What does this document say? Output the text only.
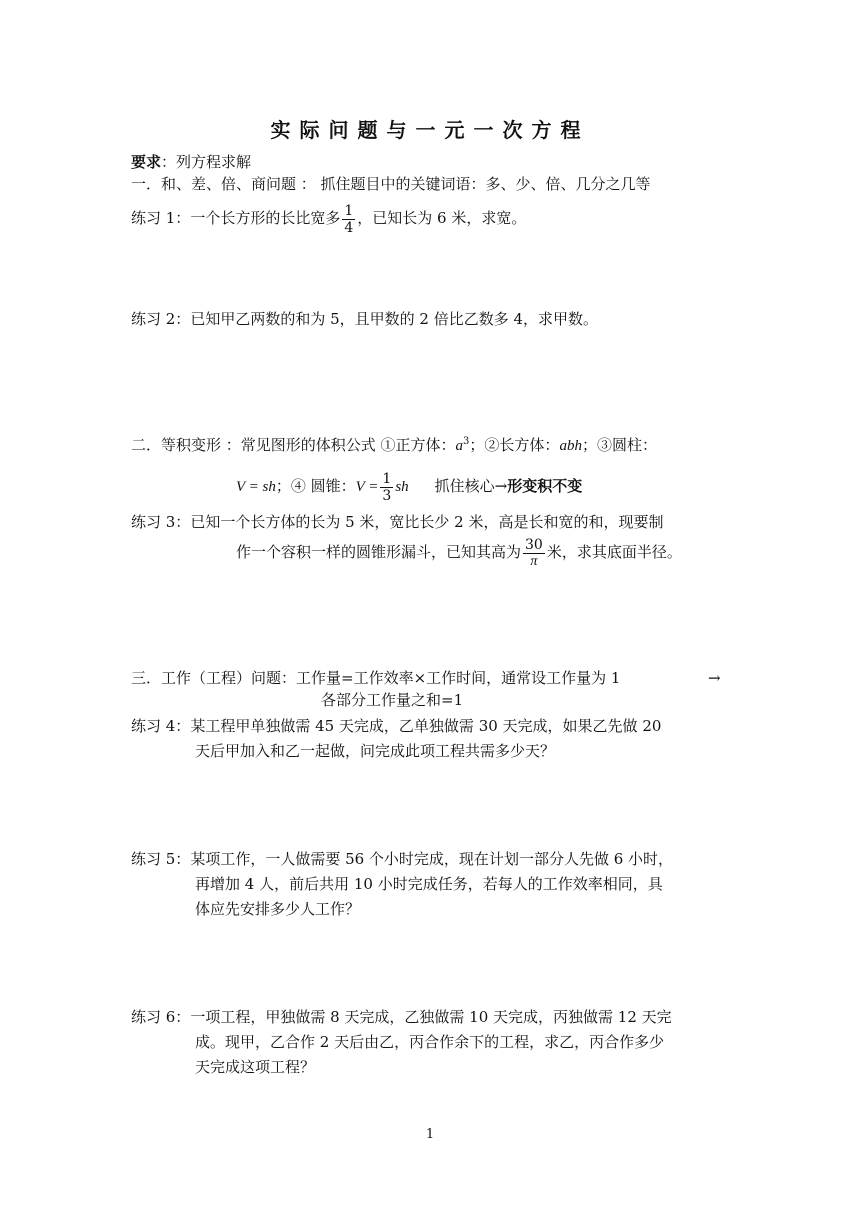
实际问题与一元一次方程
要求：列方程求解
一．和、差、倍、商问题 ： 抓住题目中的关键词语：多、少、倍、几分之几等
练习 1：一个长方形的长比宽多 $\frac{1}{4}$ ，已知长为 6 米，求宽。
练习 2：已知甲乙两数的和为 5，且甲数的 2 倍比乙数多 4，求甲数。
二．等积变形 ：常见图形的体积公式 ①正方体：$a^3$；②长方体：abh；③圆柱：
V = sh；④ 圆锥：$V = \frac{1}{3}$ sh 抓住核心→形变积不变
练习 3：已知一个长方体的长为 5 米，宽比长少 2 米，高是长和宽的和，现要制
作一个容积一样的圆锥形漏斗，已知其高为 $\frac{30}{\pi}$ 米，求其底面半径。
三．工作（工程）问题：工作量=工作效率×工作时间，通常设工作量为 1	→
各部分工作量之和=1
练习 4：某工程甲单独做需 45 天完成，乙单独做需 30 天完成，如果乙先做 20
天后甲加入和乙一起做，问完成此项工程共需多少天？
练习 5：某项工作，一人做需要 56 个小时完成，现在计划一部分人先做 6 小时，
再增加 4 人，前后共用 10 小时完成任务，若每人的工作效率相同，具
体应先安排多少人工作？
练习 6：一项工程，甲独做需 8 天完成，乙独做需 10 天完成，丙独做需 12 天完
成。现甲，乙合作 2 天后由乙，丙合作余下的工程，求乙，丙合作多少
天完成这项工程？
1
